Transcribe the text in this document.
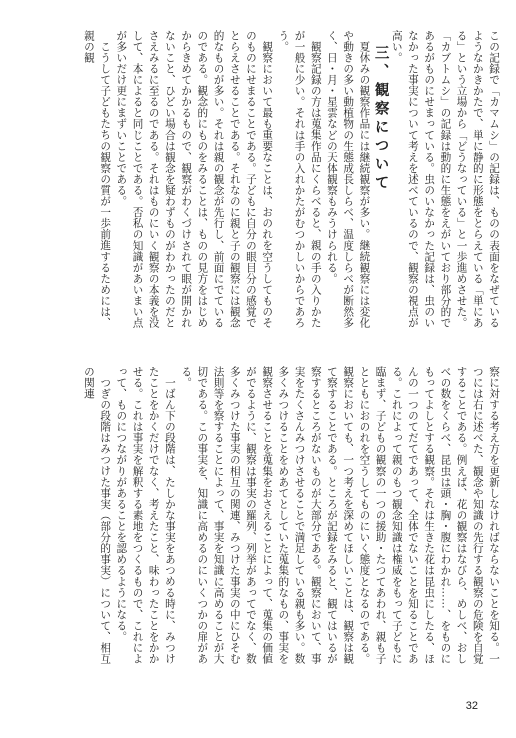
この記録で「カマムシ」の記録は、ものの表面をなぜているようなかきかたで、単に静的に形態をとらえている「単にある」という立場から「どうなっている」と一歩進めさせた。「カブトムシ」の記録は動的に生態をえがいており部分的であるがものにせまっている。虫のいなかった記録は、虫のいなかった事実について考えを述べているので、観察の視点が高い。

三、観察について

夏休みの観察作品には継続観察が多い。継続観察には変化や動きの多い動植物の生態成長しらべ、温度しらべが断然多く、日・月・星雲などの天体観察もみうけられる。

観察記録の方は蒐集作品にくらべると、親の手の入りかたが一般に少い。それは手の入れかたがむつかしいからであろう。

観察において最も重要なことは、おのれを空うしてものそのものにせまることである。子どもに自分の眼目分の感覚でとらえさせることである。それなのに親と子の観察には観念的なものが多い。それは親の観念が先行し、前面にでているのである。観念的にものをみることは、ものの見方をはじめからきめてかかるもので、観察がわくづけされて眼が開かれないこと、ひどい場合は観念を疑わずものがわかったのだとさえみるに至るのである。それはものにいく観察の本義を没して、本によると同じことである。否私の知識があいまい点が多いだけ更にまずいことである。

こうして子どもたちの観察の質が一歩前進するためには、親の観

察に対する考え方を更新しなければならないことを知る。一つには右に述べた、観念や知識の先行する観察の危険を自覚することである。例えば、花の観察はなびら、めしべ、おしべの数をくらべ、昆虫は頭・胸・腹にわかれ……、をものにもってよしとする観察。それは生きた花は昆虫にしたる、ほんの一つのてだてであって、全体でないことを知ることである。これによって親のもつ観念知識は権威をもって子どもに臨まず、子どもの観察の一つの援助・たつてあわれ、親も子とともにおのれを空うしてものにいく態度となるのである。観察においても、一つ考えを深めてほしいことは、観察は観て察することである。ところが記録をみると、観てはいるが察するところがないものが大部分である。観察において、事実をたくさんみつけさせることで満足している親も多い。数多くみつけることをめあてとしていた蒐集的なもの、事実を観察させることを蒐集をおさえることによって、蒐集の価値がでるように、観察は事実の羅列、列挙があってでなく、数多くみつけた事実の相互の関連、みつけた事実の中にひそむ法則等を察することによって、事実を知識に高めることが大切である。この事実を、知識に高めるのにいくつかの扉がある。

一ばん下の段階は、たしかな事実をあつめる時に、みつけたことをかくだけでなく、考えたこと、味わったことをかかせる。これは事実を解釈する素地をつくるもので、これによって、ものにつながりがあることを認めるようになる。

つぎの段階はみつけた事実（部分的事実）について、相互の関連

32
